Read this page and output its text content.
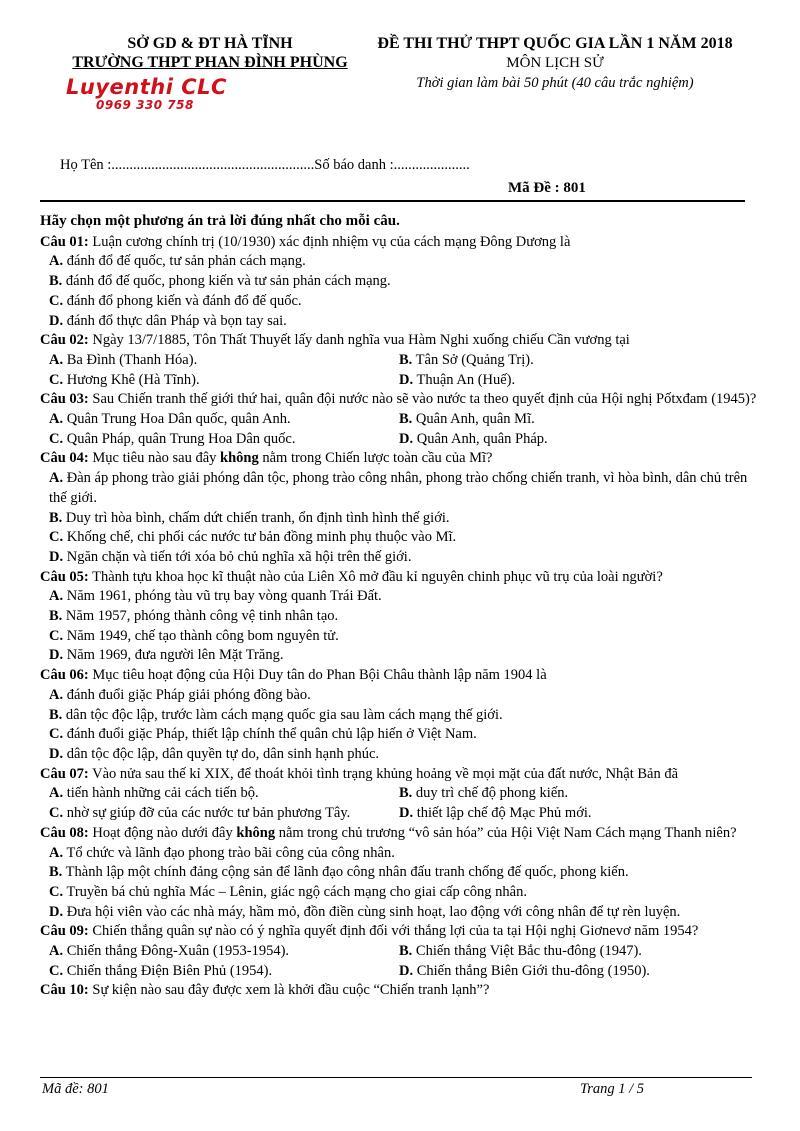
SỞ GD & ĐT HÀ TĨNH
TRƯỜNG THPT PHAN ĐÌNH PHÙNG
Luyenthi CLC
0969 330 758
ĐỀ THI THỬ THPT QUỐC GIA LẦN 1 NĂM 2018
MÔN LỊCH SỬ
Thời gian làm bài 50 phút (40 câu trắc nghiệm)
Họ Tên :........................................................Số báo danh :.....................
Mã Đề : 801
Hãy chọn một phương án trả lời đúng nhất cho mỗi câu.
Câu 01: Luận cương chính trị (10/1930) xác định nhiệm vụ của cách mạng Đông Dương là
A. đánh đổ đế quốc, tư sản phản cách mạng.
B. đánh đổ đế quốc, phong kiến và tư sản phản cách mạng.
C. đánh đổ phong kiến và đánh đổ đế quốc.
D. đánh đổ thực dân Pháp và bọn tay sai.
Câu 02: Ngày 13/7/1885, Tôn Thất Thuyết lấy danh nghĩa vua Hàm Nghi xuống chiếu Cần vương tại
A. Ba Đình (Thanh Hóa).	B. Tân Sở (Quảng Trị).
C. Hương Khê (Hà Tĩnh).	D. Thuận An (Huế).
Câu 03: Sau Chiến tranh thế giới thứ hai, quân đội nước nào sẽ vào nước ta theo quyết định của Hội nghị Pốtxđam (1945)?
A. Quân Trung Hoa Dân quốc, quân Anh.	B. Quân Anh, quân Mĩ.
C. Quân Pháp, quân Trung Hoa Dân quốc.	D. Quân Anh, quân Pháp.
Câu 04: Mục tiêu nào sau đây không nằm trong Chiến lược toàn cầu của Mĩ?
A. Đàn áp phong trào giải phóng dân tộc, phong trào công nhân, phong trào chống chiến tranh, vì hòa bình, dân chủ trên thế giới.
B. Duy trì hòa bình, chấm dứt chiến tranh, ổn định tình hình thế giới.
C. Khống chế, chi phối các nước tư bản đồng minh phụ thuộc vào Mĩ.
D. Ngăn chặn và tiến tới xóa bỏ chủ nghĩa xã hội trên thế giới.
Câu 05: Thành tựu khoa học kĩ thuật nào của Liên Xô mở đầu kỉ nguyên chinh phục vũ trụ của loài người?
A. Năm 1961, phóng tàu vũ trụ bay vòng quanh Trái Đất.
B. Năm 1957, phóng thành công vệ tinh nhân tạo.
C. Năm 1949, chế tạo thành công bom nguyên tử.
D. Năm 1969, đưa người lên Mặt Trăng.
Câu 06: Mục tiêu hoạt động của Hội Duy tân do Phan Bội Châu thành lập năm 1904 là
A. đánh đuổi giặc Pháp giải phóng đồng bào.
B. dân tộc độc lập, trước làm cách mạng quốc gia sau làm cách mạng thế giới.
C. đánh đuổi giặc Pháp, thiết lập chính thể quân chủ lập hiến ở Việt Nam.
D. dân tộc độc lập, dân quyền tự do, dân sinh hạnh phúc.
Câu 07: Vào nửa sau thế kỉ XIX, để thoát khỏi tình trạng khủng hoảng về mọi mặt của đất nước, Nhật Bản đã
A. tiến hành những cải cách tiến bộ.	B. duy trì chế độ phong kiến.
C. nhờ sự giúp đỡ của các nước tư bản phương Tây.	D. thiết lập chế độ Mạc Phủ mới.
Câu 08: Hoạt động nào dưới đây không nằm trong chủ trương “vô sản hóa” của Hội Việt Nam Cách mạng Thanh niên?
A. Tổ chức và lãnh đạo phong trào bãi công của công nhân.
B. Thành lập một chính đảng cộng sản để lãnh đạo công nhân đấu tranh chống đế quốc, phong kiến.
C. Truyền bá chủ nghĩa Mác – Lênin, giác ngộ cách mạng cho giai cấp công nhân.
D. Đưa hội viên vào các nhà máy, hầm mỏ, đồn điền cùng sinh hoạt, lao động với công nhân để tự rèn luyện.
Câu 09: Chiến thắng quân sự nào có ý nghĩa quyết định đối với thắng lợi của ta tại Hội nghị Giơnevơ năm 1954?
A. Chiến thắng Đông-Xuân (1953-1954).	B. Chiến thắng Việt Bắc thu-đông (1947).
C. Chiến thắng Điện Biên Phủ (1954).	D. Chiến thắng Biên Giới thu-đông (1950).
Câu 10: Sự kiện nào sau đây được xem là khởi đầu cuộc “Chiến tranh lạnh”?
Mã đề: 801	Trang 1 / 5
